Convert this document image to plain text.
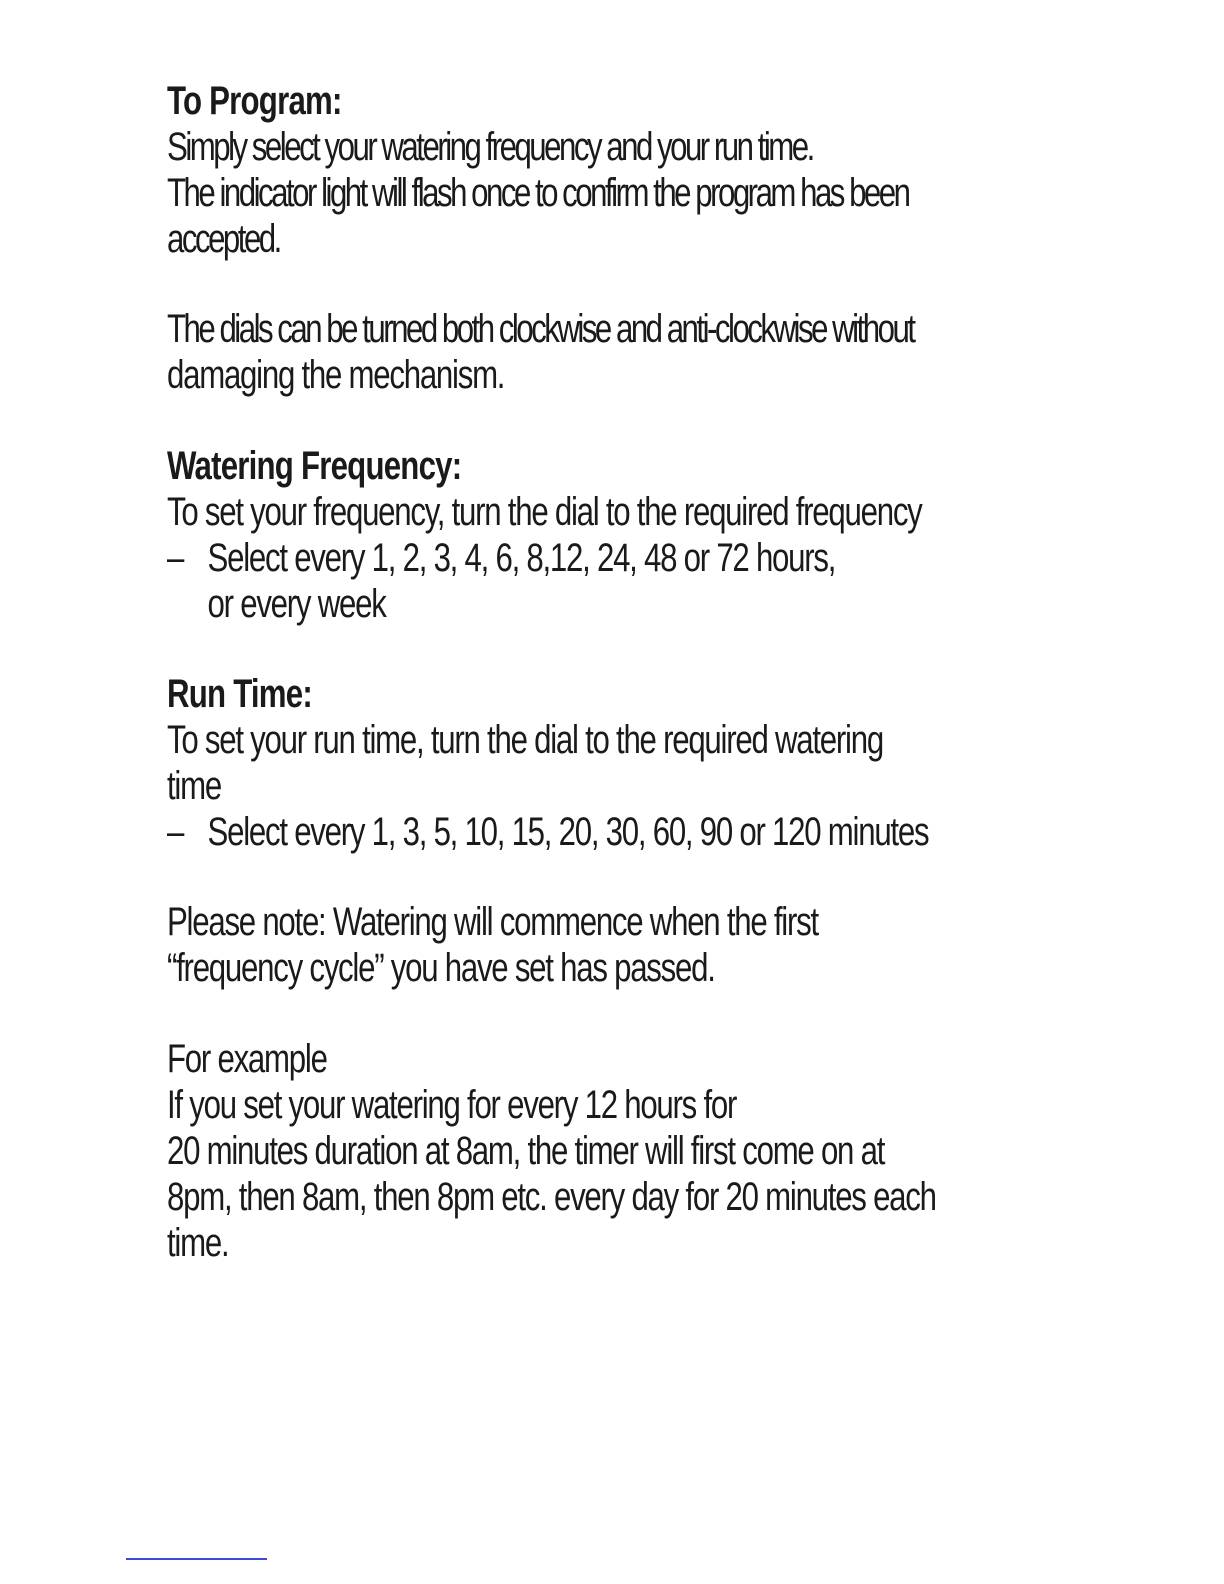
To Program:
Simply select your watering frequency and your run time.
The indicator light will flash once to confirm the program has been
accepted.
The dials can be turned both clockwise and anti-clockwise without
damaging the mechanism.
Watering Frequency:
To set your frequency, turn the dial to the required frequency
– Select every 1, 2, 3, 4, 6, 8,12, 24, 48 or 72 hours,
or every week
Run Time:
To set your run time, turn the dial to the required watering
time
– Select every 1, 3, 5, 10, 15, 20, 30, 60, 90 or 120 minutes
Please note: Watering will commence when the first
“frequency cycle” you have set has passed.
For example
If you set your watering for every 12 hours for
20 minutes duration at 8am, the timer will first come on at
8pm, then 8am, then 8pm etc. every day for 20 minutes each
time.
